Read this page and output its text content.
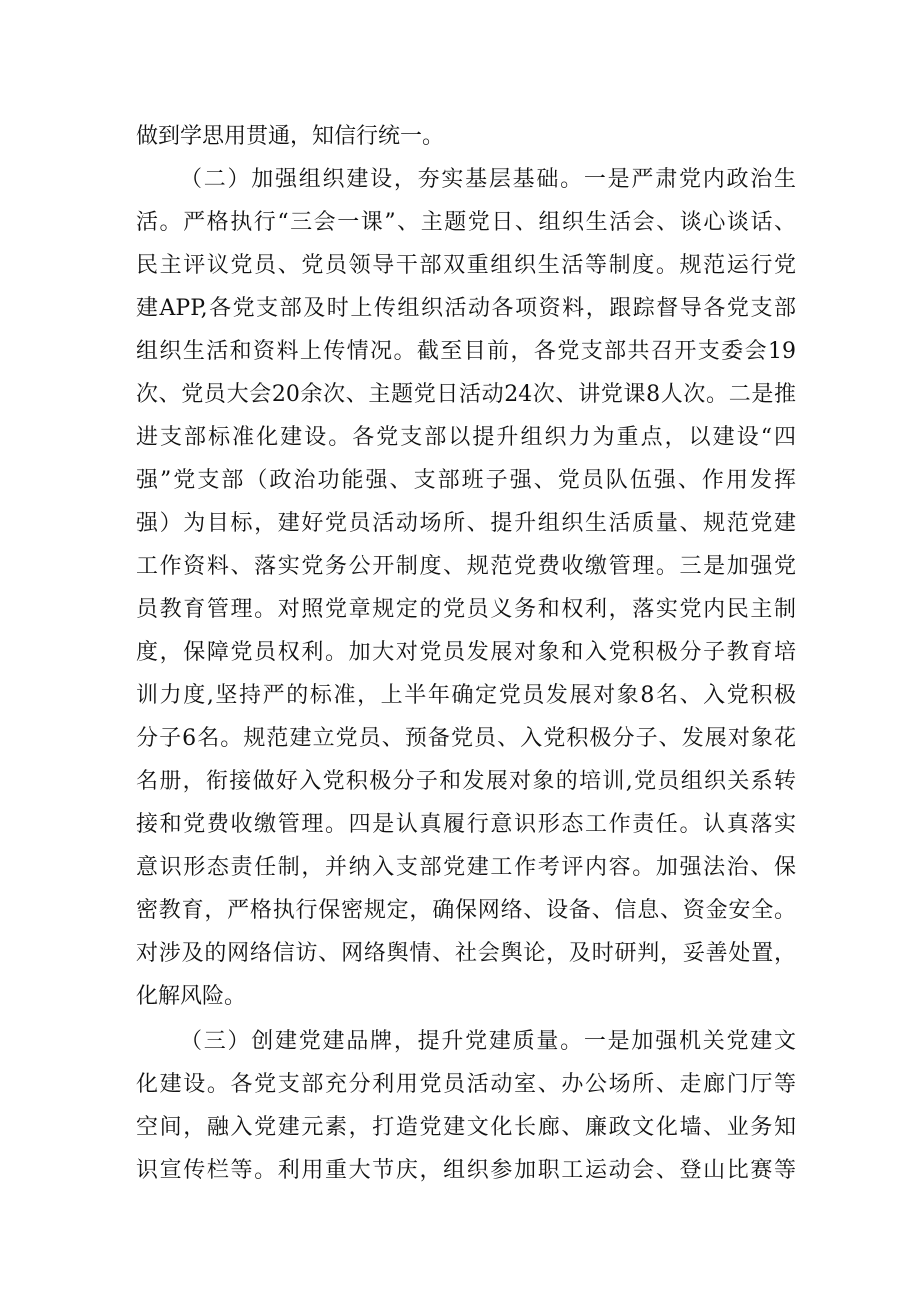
做到学思用贯通，知信行统一。
（二）加强组织建设，夯实基层基础。一是严肃党内政治生
活。严格执行“三会一课”、主题党日、组织生活会、谈心谈话、
民主评议党员、党员领导干部双重组织生活等制度。规范运行党
建APP,各党支部及时上传组织活动各项资料，跟踪督导各党支部
组织生活和资料上传情况。截至目前，各党支部共召开支委会19
次、党员大会20余次、主题党日活动24次、讲党课8人次。二是推
进支部标准化建设。各党支部以提升组织力为重点，以建设“四
强”党支部（政治功能强、支部班子强、党员队伍强、作用发挥
强）为目标，建好党员活动场所、提升组织生活质量、规范党建
工作资料、落实党务公开制度、规范党费收缴管理。三是加强党
员教育管理。对照党章规定的党员义务和权利，落实党内民主制
度，保障党员权利。加大对党员发展对象和入党积极分子教育培
训力度,坚持严的标准，上半年确定党员发展对象8名、入党积极
分子6名。规范建立党员、预备党员、入党积极分子、发展对象花
名册，衔接做好入党积极分子和发展对象的培训,党员组织关系转
接和党费收缴管理。四是认真履行意识形态工作责任。认真落实
意识形态责任制，并纳入支部党建工作考评内容。加强法治、保
密教育，严格执行保密规定，确保网络、设备、信息、资金安全。
对涉及的网络信访、网络舆情、社会舆论，及时研判，妥善处置，
化解风险。
（三）创建党建品牌，提升党建质量。一是加强机关党建文
化建设。各党支部充分利用党员活动室、办公场所、走廊门厅等
空间，融入党建元素，打造党建文化长廊、廉政文化墙、业务知
识宣传栏等。利用重大节庆，组织参加职工运动会、登山比赛等
